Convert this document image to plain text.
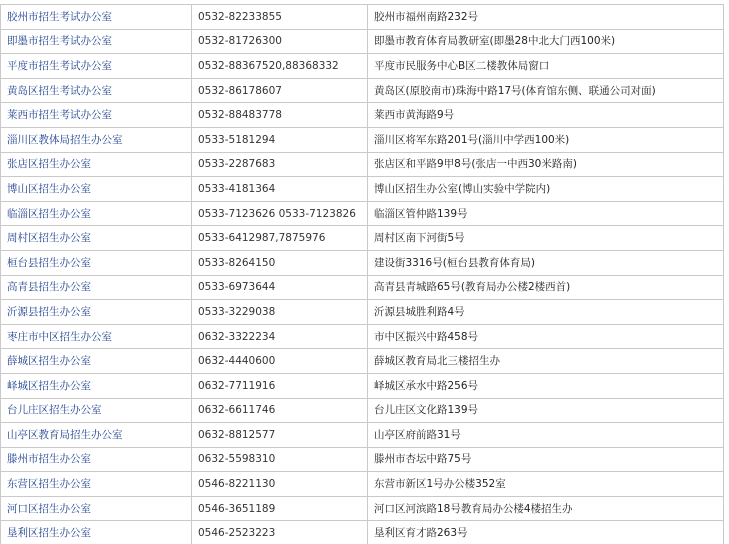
胶州市招生考试办公室	0532-82233855	胶州市福州南路232号
即墨市招生考试办公室	0532-81726300	即墨市教育体育局教研室(即墨28中北大门西100米)
平度市招生考试办公室	0532-88367520,88368332	平度市民服务中心B区二楼教体局窗口
黄岛区招生考试办公室	0532-86178607	黄岛区(原胶南市)珠海中路17号(体育馆东侧、联通公司对面)
莱西市招生考试办公室	0532-88483778	莱西市黄海路9号
淄川区教体局招生办公室	0533-5181294	淄川区将军东路201号(淄川中学西100米)
张店区招生办公室	0533-2287683	张店区和平路9甲8号(张店一中西30米路南)
博山区招生办公室	0533-4181364	博山区招生办公室(博山实验中学院内)
临淄区招生办公室	0533-7123626 0533-7123826	临淄区管仲路139号
周村区招生办公室	0533-6412987,7875976	周村区南下河街5号
桓台县招生办公室	0533-8264150	建设街3316号(桓台县教育体育局)
高青县招生办公室	0533-6973644	高青县青城路65号(教育局办公楼2楼西首)
沂源县招生办公室	0533-3229038	沂源县城胜利路4号
枣庄市中区招生办公室	0632-3322234	市中区振兴中路458号
薛城区招生办公室	0632-4440600	薛城区教育局北三楼招生办
峄城区招生办公室	0632-7711916	峄城区承水中路256号
台儿庄区招生办公室	0632-6611746	台儿庄区文化路139号
山亭区教育局招生办公室	0632-8812577	山亭区府前路31号
滕州市招生办公室	0632-5598310	滕州市杏坛中路75号
东营区招生办公室	0546-8221130	东营市新区1号办公楼352室
河口区招生办公室	0546-3651189	河口区河滨路18号教育局办公楼4楼招生办
垦利区招生办公室	0546-2523223	垦利区育才路263号
